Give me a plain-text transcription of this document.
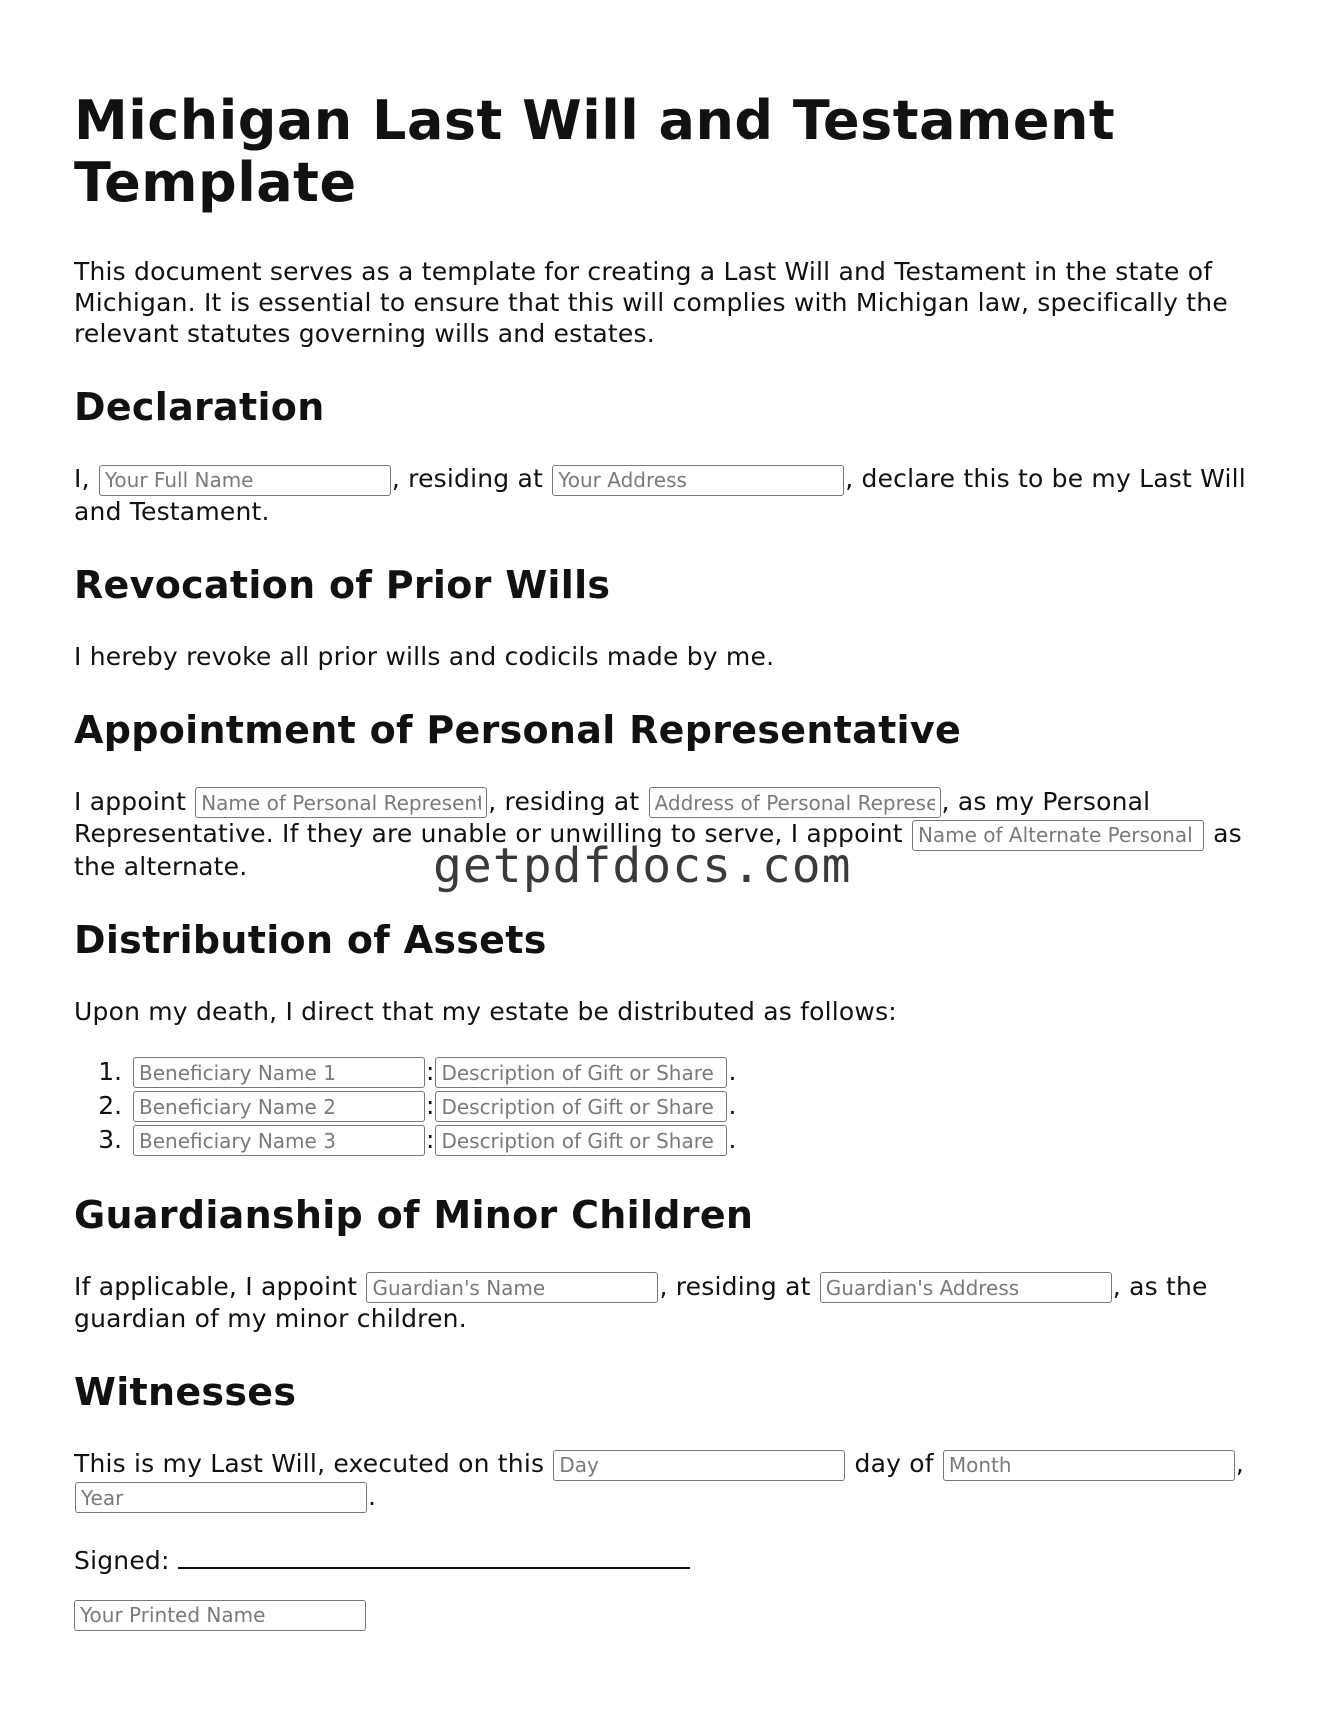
Michigan Last Will and Testament Template

This document serves as a template for creating a Last Will and Testament in the state of Michigan. It is essential to ensure that this will complies with Michigan law, specifically the relevant statutes governing wills and estates.

Declaration

I, Your Full Name	, residing at Your Address	, declare this to be my Last Will and Testament.

Revocation of Prior Wills

I hereby revoke all prior wills and codicils made by me.

Appointment of Personal Representative

I appoint Name of Personal Representative	, residing at Address of Personal Representative	, as my Personal Representative. If they are unable or unwilling to serve, I appoint Name of Alternate Personal Representative	as the alternate.

Distribution of Assets

Upon my death, I direct that my estate be distributed as follows:

Beneficiary Name 1 1. : Description of Gift or Share	.
Beneficiary Name 2 2. : Description of Gift or Share	.
Beneficiary Name 3 3. : Description of Gift or Share	.
Guardianship of Minor Children

If applicable, I appoint Guardian's Name	, residing at Guardian's Address	, as the guardian of my minor children.

Witnesses

This is my Last Will, executed on this Day	day of Month	, Year.

Signed:

Your Printed Name

getpdfdocs.com
